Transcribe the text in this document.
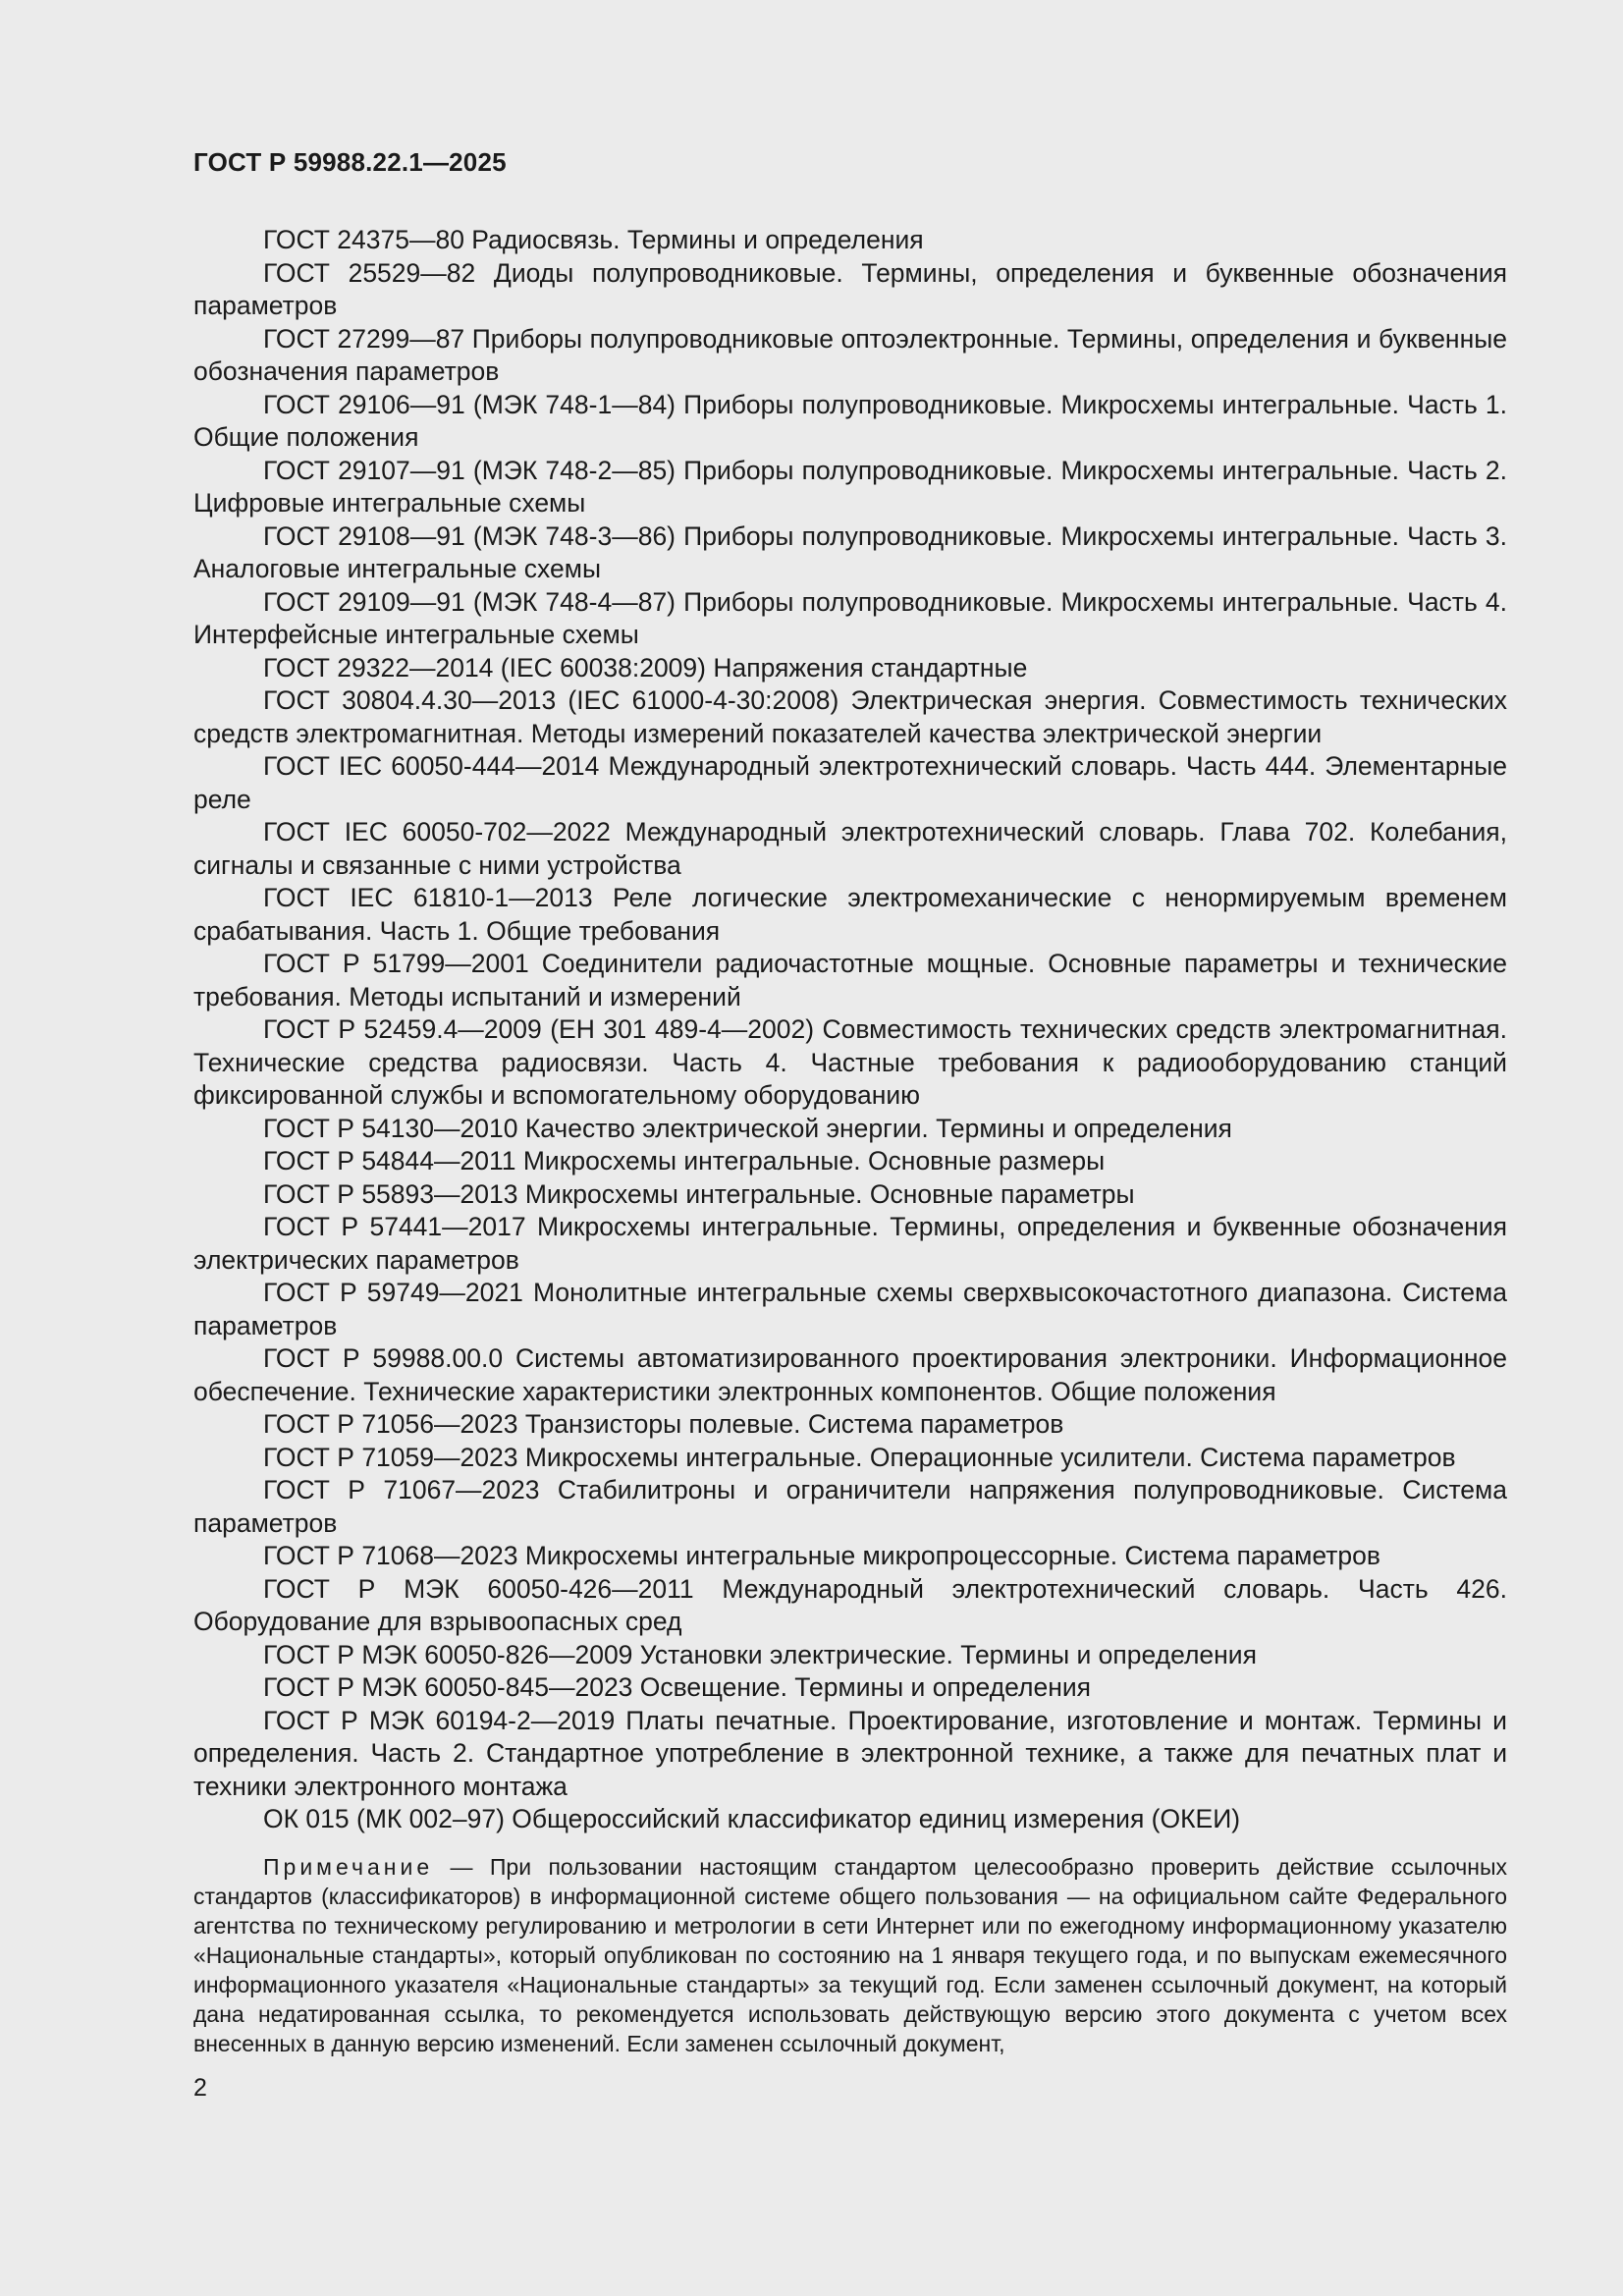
ГОСТ Р 59988.22.1—2025

ГОСТ 24375—80 Радиосвязь. Термины и определения

ГОСТ 25529—82 Диоды полупроводниковые. Термины, определения и буквенные обозначения параметров

ГОСТ 27299—87 Приборы полупроводниковые оптоэлектронные. Термины, определения и буквенные обозначения параметров

ГОСТ 29106—91 (МЭК 748-1—84) Приборы полупроводниковые. Микросхемы интегральные. Часть 1. Общие положения

ГОСТ 29107—91 (МЭК 748-2—85) Приборы полупроводниковые. Микросхемы интегральные. Часть 2. Цифровые интегральные схемы

ГОСТ 29108—91 (МЭК 748-3—86) Приборы полупроводниковые. Микросхемы интегральные. Часть 3. Аналоговые интегральные схемы

ГОСТ 29109—91 (МЭК 748-4—87) Приборы полупроводниковые. Микросхемы интегральные. Часть 4. Интерфейсные интегральные схемы

ГОСТ 29322—2014 (IEC 60038:2009) Напряжения стандартные

ГОСТ 30804.4.30—2013 (IEC 61000-4-30:2008) Электрическая энергия. Совместимость технических средств электромагнитная. Методы измерений показателей качества электрической энергии

ГОСТ IEC 60050-444—2014 Международный электротехнический словарь. Часть 444. Элементарные реле

ГОСТ IEC 60050-702—2022 Международный электротехнический словарь. Глава 702. Колебания, сигналы и связанные с ними устройства

ГОСТ IEC 61810-1—2013 Реле логические электромеханические с ненормируемым временем срабатывания. Часть 1. Общие требования

ГОСТ Р 51799—2001 Соединители радиочастотные мощные. Основные параметры и технические требования. Методы испытаний и измерений

ГОСТ Р 52459.4—2009 (ЕН 301 489-4—2002) Совместимость технических средств электромагнитная. Технические средства радиосвязи. Часть 4. Частные требования к радиооборудованию станций фиксированной службы и вспомогательному оборудованию

ГОСТ Р 54130—2010 Качество электрической энергии. Термины и определения

ГОСТ Р 54844—2011 Микросхемы интегральные. Основные размеры

ГОСТ Р 55893—2013 Микросхемы интегральные. Основные параметры

ГОСТ Р 57441—2017 Микросхемы интегральные. Термины, определения и буквенные обозначения электрических параметров

ГОСТ Р 59749—2021 Монолитные интегральные схемы сверхвысокочастотного диапазона. Система параметров

ГОСТ Р 59988.00.0 Системы автоматизированного проектирования электроники. Информационное обеспечение. Технические характеристики электронных компонентов. Общие положения

ГОСТ Р 71056—2023 Транзисторы полевые. Система параметров

ГОСТ Р 71059—2023 Микросхемы интегральные. Операционные усилители. Система параметров

ГОСТ Р 71067—2023 Стабилитроны и ограничители напряжения полупроводниковые. Система параметров

ГОСТ Р 71068—2023 Микросхемы интегральные микропроцессорные. Система параметров

ГОСТ Р МЭК 60050-426—2011 Международный электротехнический словарь. Часть 426. Оборудование для взрывоопасных сред

ГОСТ Р МЭК 60050-826—2009 Установки электрические. Термины и определения

ГОСТ Р МЭК 60050-845—2023 Освещение. Термины и определения

ГОСТ Р МЭК 60194-2—2019 Платы печатные. Проектирование, изготовление и монтаж. Термины и определения. Часть 2. Стандартное употребление в электронной технике, а также для печатных плат и техники электронного монтажа

ОК 015 (МК 002–97) Общероссийский классификатор единиц измерения (ОКЕИ)

Примечание — При пользовании настоящим стандартом целесообразно проверить действие ссылочных стандартов (классификаторов) в информационной системе общего пользования — на официальном сайте Федерального агентства по техническому регулированию и метрологии в сети Интернет или по ежегодному информационному указателю «Национальные стандарты», который опубликован по состоянию на 1 января текущего года, и по выпускам ежемесячного информационного указателя «Национальные стандарты» за текущий год. Если заменен ссылочный документ, на который дана недатированная ссылка, то рекомендуется использовать действующую версию этого документа с учетом всех внесенных в данную версию изменений. Если заменен ссылочный документ,
2
